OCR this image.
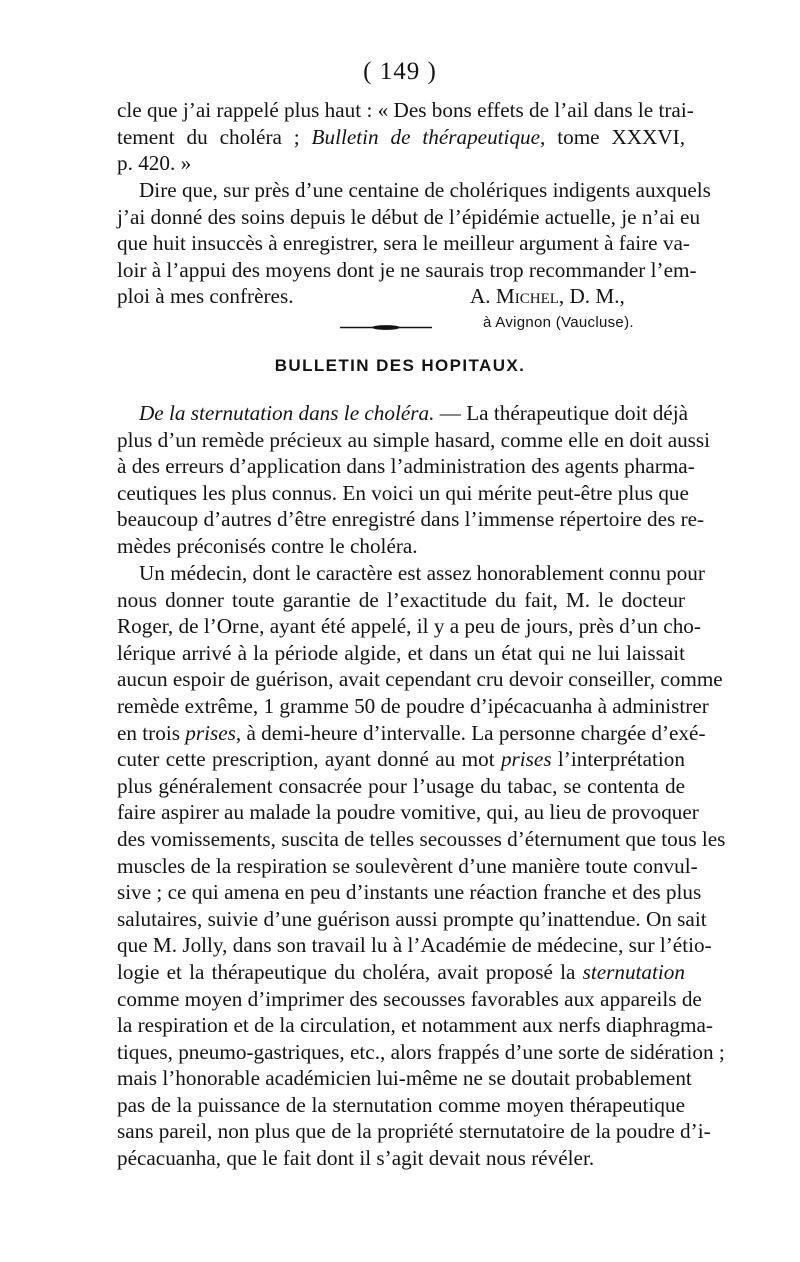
( 149 )
cle que j’ai rappelé plus haut : « Des bons effets de l’ail dans le trai-
tement du choléra ; Bulletin de thérapeutique, tome XXXVI,
p. 420. »
Dire que, sur près d’une centaine de cholériques indigents auxquels
j’ai donné des soins depuis le début de l’épidémie actuelle, je n’ai eu
que huit insuccès à enregistrer, sera le meilleur argument à faire va-
loir à l’appui des moyens dont je ne saurais trop recommander l’em-
ploi à mes confrères.	A. Michel, D. M.,
à Avignon (Vaucluse).
BULLETIN DES HOPITAUX.
De la sternutation dans le choléra. — La thérapeutique doit déjà
plus d’un remède précieux au simple hasard, comme elle en doit aussi
à des erreurs d’application dans l’administration des agents pharma-
ceutiques les plus connus. En voici un qui mérite peut-être plus que
beaucoup d’autres d’être enregistré dans l’immense répertoire des re-
mèdes préconisés contre le choléra.
Un médecin, dont le caractère est assez honorablement connu pour
nous donner toute garantie de l’exactitude du fait, M. le docteur
Roger, de l’Orne, ayant été appelé, il y a peu de jours, près d’un cho-
lérique arrivé à la période algide, et dans un état qui ne lui laissait
aucun espoir de guérison, avait cependant cru devoir conseiller, comme
remède extrême, 1 gramme 50 de poudre d’ipécacuanha à administrer
en trois prises, à demi-heure d’intervalle. La personne chargée d’exé-
cuter cette prescription, ayant donné au mot prises l’interprétation
plus généralement consacrée pour l’usage du tabac, se contenta de
faire aspirer au malade la poudre vomitive, qui, au lieu de provoquer
des vomissements, suscita de telles secousses d’éternument que tous les
muscles de la respiration se soulevèrent d’une manière toute convul-
sive ; ce qui amena en peu d’instants une réaction franche et des plus
salutaires, suivie d’une guérison aussi prompte qu’inattendue. On sait
que M. Jolly, dans son travail lu à l’Académie de médecine, sur l’étio-
logie et la thérapeutique du choléra, avait proposé la sternutation
comme moyen d’imprimer des secousses favorables aux appareils de
la respiration et de la circulation, et notamment aux nerfs diaphragma-
tiques, pneumo-gastriques, etc., alors frappés d’une sorte de sidération ;
mais l’honorable académicien lui-même ne se doutait probablement
pas de la puissance de la sternutation comme moyen thérapeutique
sans pareil, non plus que de la propriété sternutatoire de la poudre d’i-
pécacuanha, que le fait dont il s’agit devait nous révéler.
